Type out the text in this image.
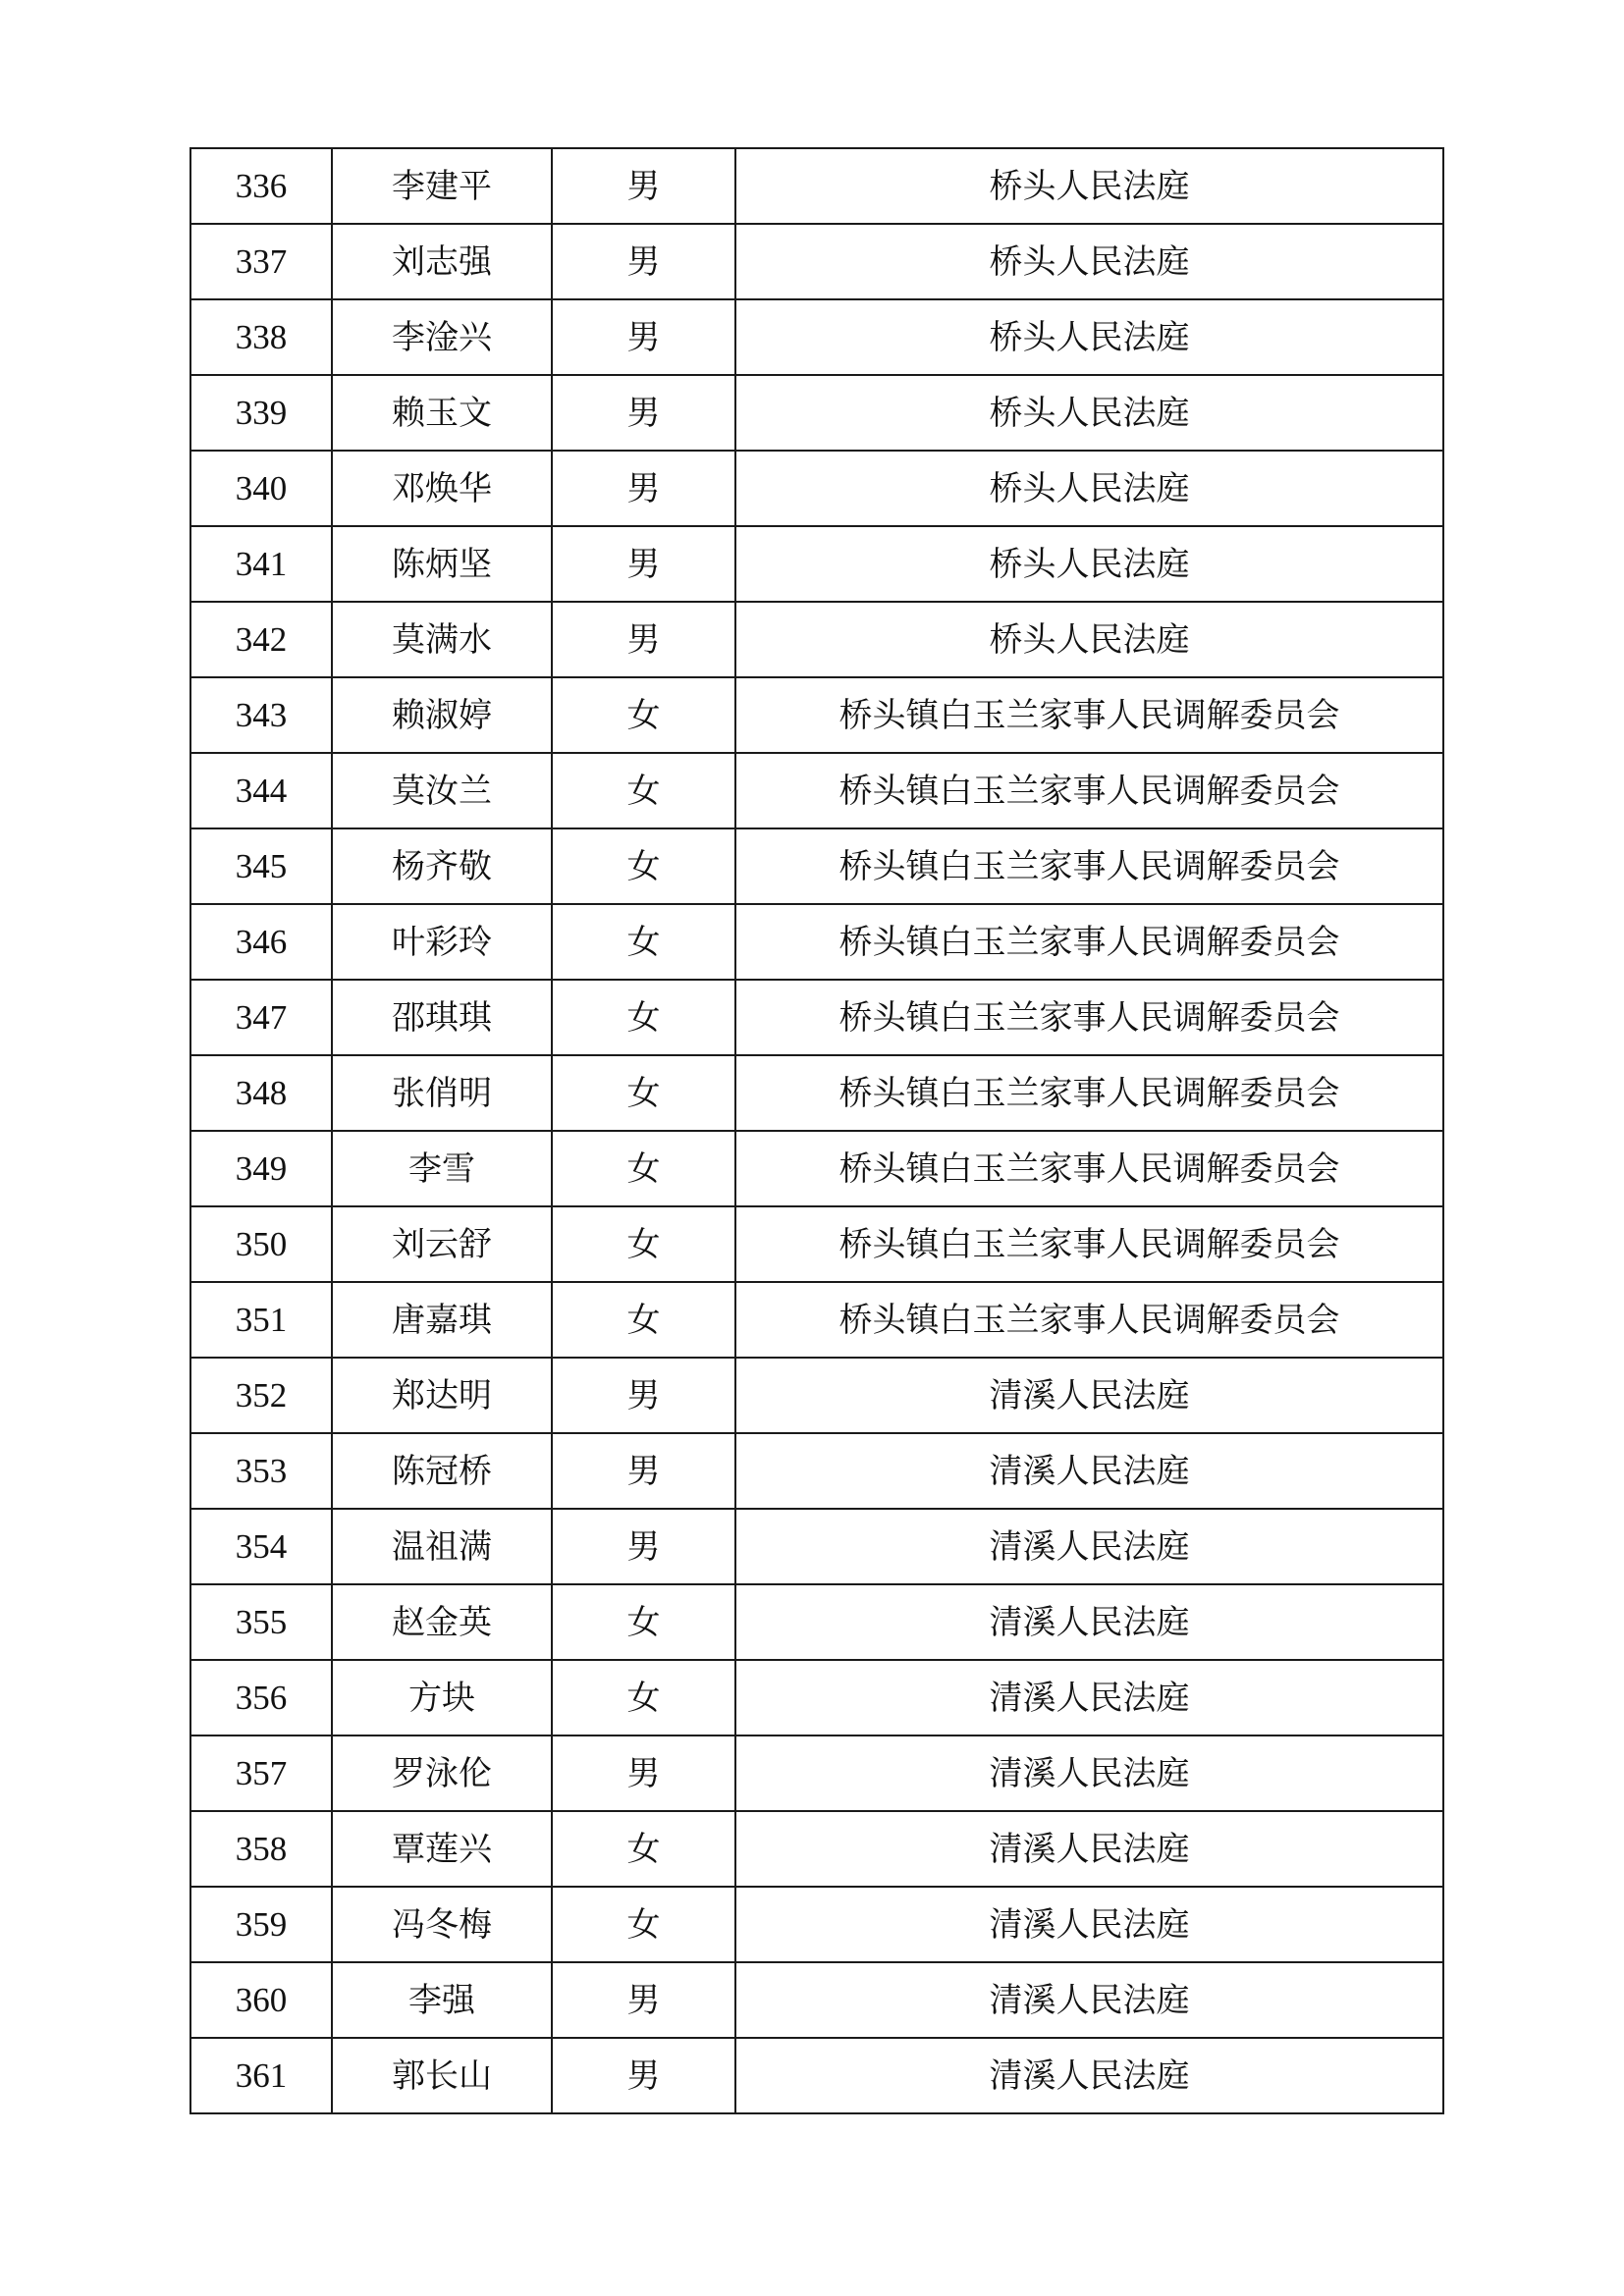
336	李建平	男	桥头人民法庭
337	刘志强	男	桥头人民法庭
338	李淦兴	男	桥头人民法庭
339	赖玉文	男	桥头人民法庭
340	邓焕华	男	桥头人民法庭
341	陈炳坚	男	桥头人民法庭
342	莫满水	男	桥头人民法庭
343	赖淑婷	女	桥头镇白玉兰家事人民调解委员会
344	莫汝兰	女	桥头镇白玉兰家事人民调解委员会
345	杨齐敬	女	桥头镇白玉兰家事人民调解委员会
346	叶彩玲	女	桥头镇白玉兰家事人民调解委员会
347	邵琪琪	女	桥头镇白玉兰家事人民调解委员会
348	张俏明	女	桥头镇白玉兰家事人民调解委员会
349	李雪	女	桥头镇白玉兰家事人民调解委员会
350	刘云舒	女	桥头镇白玉兰家事人民调解委员会
351	唐嘉琪	女	桥头镇白玉兰家事人民调解委员会
352	郑达明	男	清溪人民法庭
353	陈冠桥	男	清溪人民法庭
354	温祖满	男	清溪人民法庭
355	赵金英	女	清溪人民法庭
356	方块	女	清溪人民法庭
357	罗泳伦	男	清溪人民法庭
358	覃莲兴	女	清溪人民法庭
359	冯冬梅	女	清溪人民法庭
360	李强	男	清溪人民法庭
361	郭长山	男	清溪人民法庭
